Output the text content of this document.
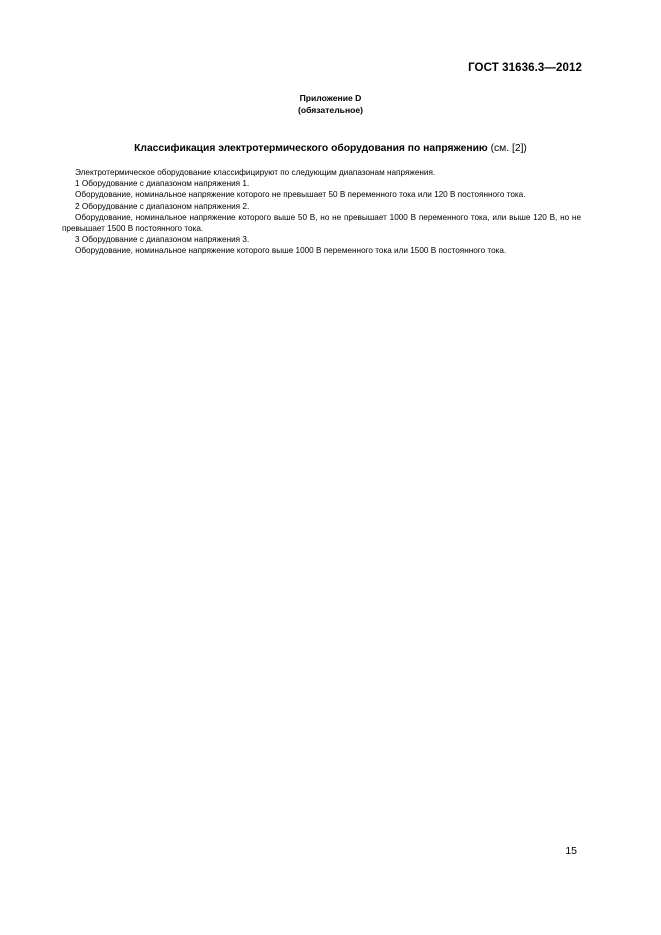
ГОСТ 31636.3—2012
Приложение D
(обязательное)
Классификация электротермического оборудования по напряжению (см. [2])

Электротермическое оборудование классифицируют по следующим диапазонам напряжения.

1 Оборудование с диапазоном напряжения 1.

Оборудование, номинальное напряжение которого не превышает 50 В переменного тока или 120 В постоянного тока.

2 Оборудование с диапазоном напряжения 2.

Оборудование, номинальное напряжение которого выше 50 В, но не превышает 1000 В переменного тока, или выше 120 В, но не превышает 1500 В постоянного тока.

3 Оборудование с диапазоном напряжения 3.

Оборудование, номинальное напряжение которого выше 1000 В переменного тока или 1500 В постоянного тока.

15
